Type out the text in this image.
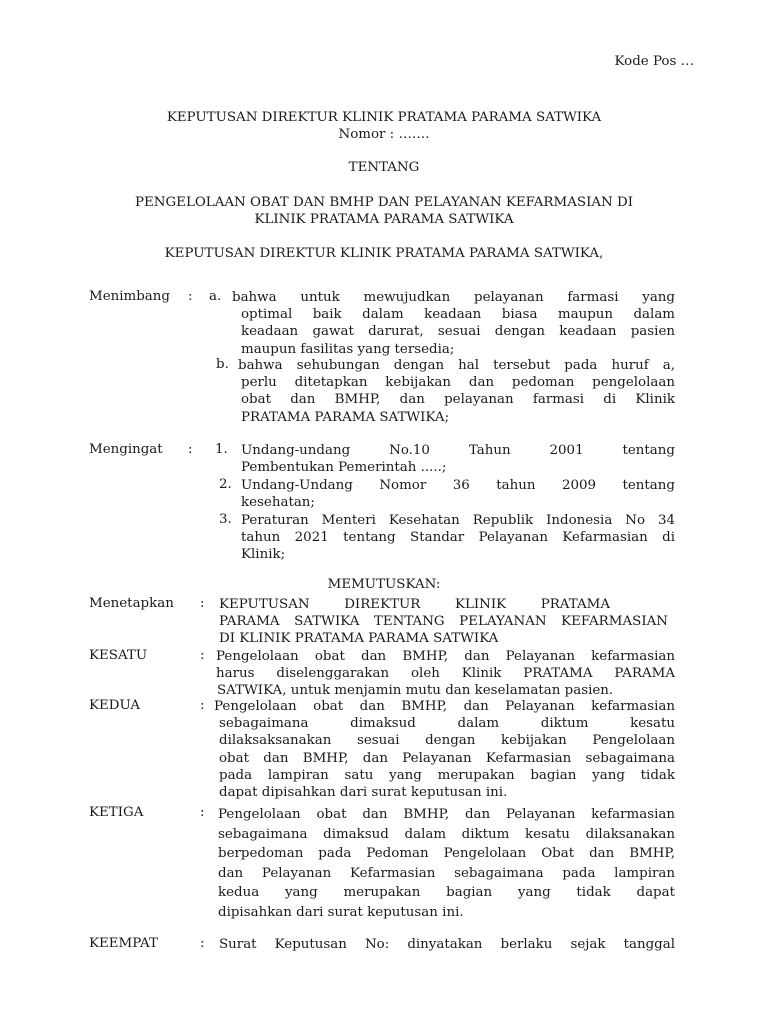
Kode Pos …
KEPUTUSAN DIREKTUR KLINIK PRATAMA PARAMA SATWIKA
Nomor : …….
TENTANG
PENGELOLAAN OBAT DAN BMHP DAN PELAYANAN KEFARMASIAN DI
KLINIK PRATAMA PARAMA SATWIKA
KEPUTUSAN DIREKTUR KLINIK PRATAMA PARAMA SATWIKA,
Menimbang : a. bahwa untuk mewujudkan pelayanan farmasi yang
optimal baik dalam keadaan biasa maupun dalam
keadaan gawat darurat, sesuai dengan keadaan pasien
maupun fasilitas yang tersedia;
b. bahwa sehubungan dengan hal tersebut pada huruf a,
perlu ditetapkan kebijakan dan pedoman pengelolaan
obat dan BMHP, dan pelayanan farmasi di Klinik
PRATAMA PARAMA SATWIKA;
Mengingat : 1. Undang-undang No.10 Tahun 2001 tentang
Pembentukan Pemerintah .....;
2. Undang-Undang Nomor 36 tahun 2009 tentang
kesehatan;
3. Peraturan Menteri Kesehatan Republik Indonesia No 34
tahun 2021 tentang Standar Pelayanan Kefarmasian di
Klinik;
MEMUTUSKAN:
Menetapkan : KEPUTUSAN DIREKTUR KLINIK PRATAMA
PARAMA SATWIKA TENTANG PELAYANAN KEFARMASIAN
DI KLINIK PRATAMA PARAMA SATWIKA
KESATU	: Pengelolaan obat dan BMHP, dan Pelayanan kefarmasian
harus diselenggarakan oleh Klinik PRATAMA PARAMA
SATWIKA, untuk menjamin mutu dan keselamatan pasien.
KEDUA	: Pengelolaan obat dan BMHP, dan Pelayanan kefarmasian
sebagaimana dimaksud dalam diktum kesatu
dilaksaksanakan sesuai dengan kebijakan Pengelolaan
obat dan BMHP, dan Pelayanan Kefarmasian sebagaimana
pada lampiran satu yang merupakan bagian yang tidak
dapat dipisahkan dari surat keputusan ini.
KETIGA	: Pengelolaan obat dan BMHP, dan Pelayanan kefarmasian
sebagaimana dimaksud dalam diktum kesatu dilaksanakan
berpedoman pada Pedoman Pengelolaan Obat dan BMHP,
dan Pelayanan Kefarmasian sebagaimana pada lampiran
kedua yang merupakan bagian yang tidak dapat
dipisahkan dari surat keputusan ini.
KEEMPAT	: Surat Keputusan No: dinyatakan berlaku sejak tanggal
